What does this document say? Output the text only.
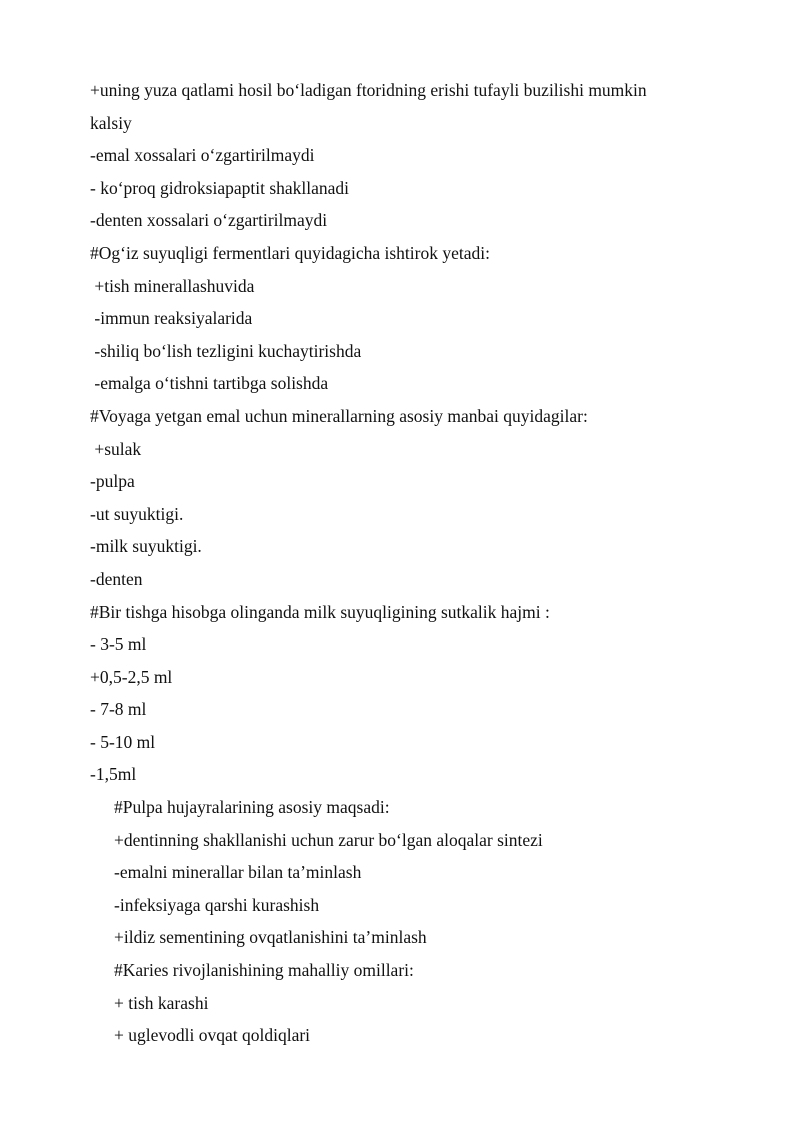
+uning yuza qatlami hosil bo‘ladigan ftoridning erishi tufayli buzilishi mumkin
kalsiy
-emal xossalari o‘zgartirilmaydi
- ko‘proq gidroksiapaptit shakllanadi
-denten xossalari o‘zgartirilmaydi
#Og‘iz suyuqligi fermentlari quyidagicha ishtirok yetadi:
+tish minerallashuvida
-immun reaksiyalarida
-shiliq bo‘lish tezligini kuchaytirishda
-emalga o‘tishni tartibga solishda
#Voyaga yetgan emal uchun minerallarning asosiy manbai quyidagilar:
+sulak
-pulpa
-ut suyuktigi.
-milk suyuktigi.
-denten
#Bir tishga hisobga olinganda milk suyuqligining sutkalik hajmi :
- 3-5 ml
+0,5-2,5 ml
- 7-8 ml
- 5-10 ml
-1,5ml
#Pulpa hujayralarining asosiy maqsadi:
+dentinning shakllanishi uchun zarur bo‘lgan aloqalar sintezi
-emalni minerallar bilan ta’minlash
-infeksiyaga qarshi kurashish
+ildiz sementining ovqatlanishini ta’minlash
#Karies rivojlanishining mahalliy omillari:
+ tish karashi
+ uglevodli ovqat qoldiqlari
